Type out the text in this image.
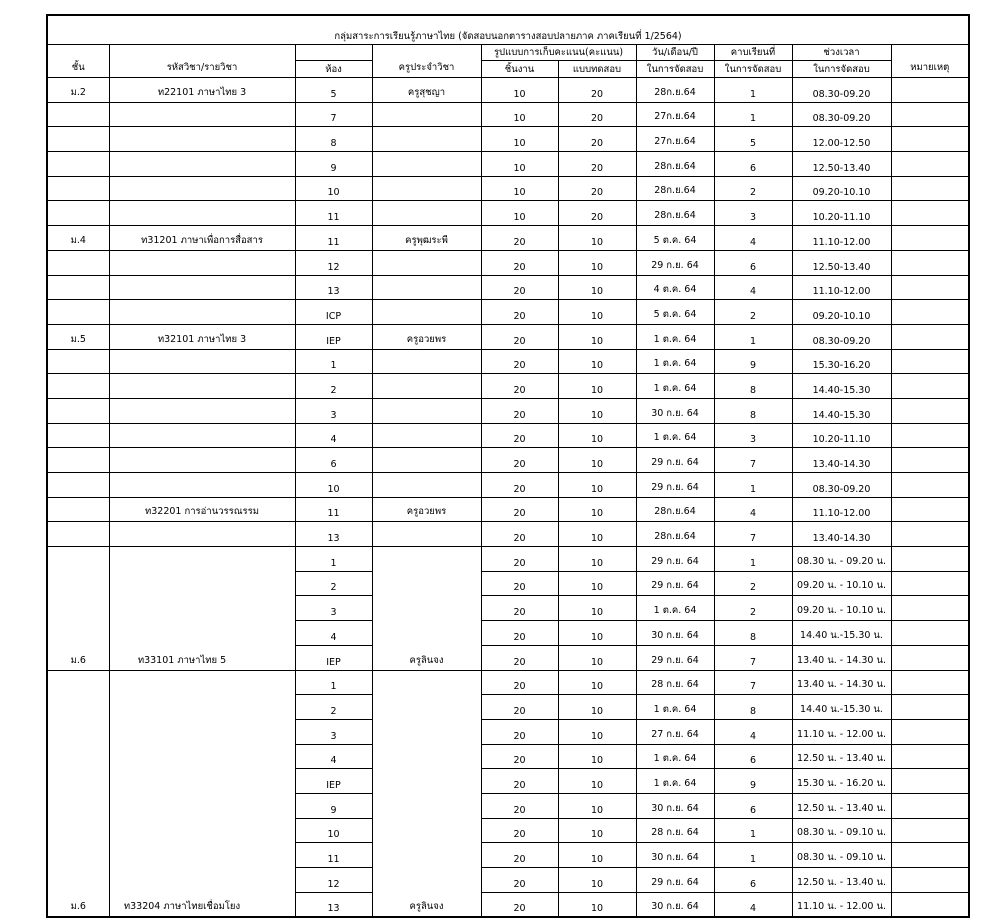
กลุ่มสาระการเรียนรู้ภาษาไทย (จัดสอบนอกตารางสอบปลายภาค ภาคเรียนที่ 1/2564)									
ชั้น	รหัสวิชา/รายวิชา		ครูประจำวิชา	รูปแบบการเก็บคะแนน(คะแนน)		วัน/เดือน/ปี	คาบเรียนที่	ช่วงเวลา	หมายเหตุ
		ห้อง		ชิ้นงาน	แบบทดสอบ	ในการจัดสอบ	ในการจัดสอบ	ในการจัดสอบ	
ม.2	ท22101 ภาษาไทย 3	5	ครูสุชญา	10	20	28ก.ย.64	1	08.30-09.20	
		7		10	20	27ก.ย.64	1	08.30-09.20	
		8		10	20	27ก.ย.64	5	12.00-12.50	
		9		10	20	28ก.ย.64	6	12.50-13.40	
		10		10	20	28ก.ย.64	2	09.20-10.10	
		11		10	20	28ก.ย.64	3	10.20-11.10	
ม.4	ท31201 ภาษาเพื่อการสื่อสาร	11	ครูพุฒระพี	20	10	5 ต.ค. 64	4	11.10-12.00	
		12		20	10	29 ก.ย. 64	6	12.50-13.40	
		13		20	10	4 ต.ค. 64	4	11.10-12.00	
		ICP		20	10	5 ต.ค. 64	2	09.20-10.10	
ม.5	ท32101 ภาษาไทย 3	IEP	ครูอวยพร	20	10	1 ต.ค. 64	1	08.30-09.20	
		1		20	10	1 ต.ค. 64	9	15.30-16.20	
		2		20	10	1 ต.ค. 64	8	14.40-15.30	
		3		20	10	30 ก.ย. 64	8	14.40-15.30	
		4		20	10	1 ต.ค. 64	3	10.20-11.10	
		6		20	10	29 ก.ย. 64	7	13.40-14.30	
		10		20	10	29 ก.ย. 64	1	08.30-09.20	
	ท32201 การอ่านวรรณรรม	11	ครูอวยพร	20	10	28ก.ย.64	4	11.10-12.00	
		13		20	10	28ก.ย.64	7	13.40-14.30	
ม.6	ท33101 ภาษาไทย 5	1	ครูลินจง	20	10	29 ก.ย. 64	1	08.30 น. - 09.20 น.	
		2		20	10	29 ก.ย. 64	2	09.20 น. - 10.10 น.	
		3		20	10	1 ต.ค. 64	2	09.20 น. - 10.10 น.	
		4		20	10	30 ก.ย. 64	8	14.40 น.-15.30 น.	
		IEP		20	10	29 ก.ย. 64	7	13.40 น. - 14.30 น.	
ม.6	ท33204 ภาษาไทยเชื่อมโยง	1	ครูลินจง	20	10	28 ก.ย. 64	7	13.40 น. - 14.30 น.	
		2		20	10	1 ต.ค. 64	8	14.40 น.-15.30 น.	
		3		20	10	27 ก.ย. 64	4	11.10 น. - 12.00 น.	
		4		20	10	1 ต.ค. 64	6	12.50 น. - 13.40 น.	
		IEP		20	10	1 ต.ค. 64	9	15.30 น. - 16.20 น.	
		9		20	10	30 ก.ย. 64	6	12.50 น. - 13.40 น.	
		10		20	10	28 ก.ย. 64	1	08.30 น. - 09.10 น.	
		11		20	10	30 ก.ย. 64	1	08.30 น. - 09.10 น.	
		12		20	10	29 ก.ย. 64	6	12.50 น. - 13.40 น.	
		13		20	10	30 ก.ย. 64	4	11.10 น. - 12.00 น.	
